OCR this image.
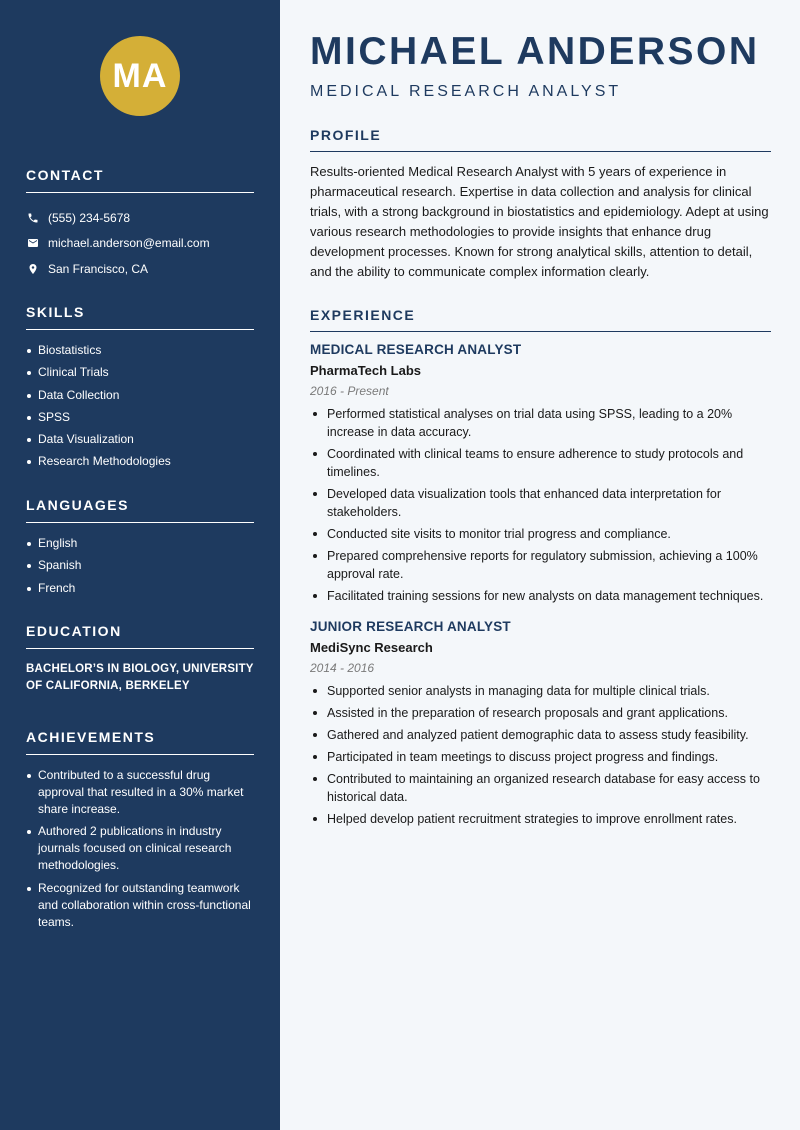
MA
CONTACT
(555) 234-5678
michael.anderson@email.com
San Francisco, CA
SKILLS
Biostatistics
Clinical Trials
Data Collection
SPSS
Data Visualization
Research Methodologies
LANGUAGES
English
Spanish
French
EDUCATION
BACHELOR’S IN BIOLOGY, UNIVERSITY OF CALIFORNIA, BERKELEY
ACHIEVEMENTS
Contributed to a successful drug approval that resulted in a 30% market share increase.
Authored 2 publications in industry journals focused on clinical research methodologies.
Recognized for outstanding teamwork and collaboration within cross-functional teams.
MICHAEL ANDERSON
MEDICAL RESEARCH ANALYST
PROFILE

Results-oriented Medical Research Analyst with 5 years of experience in pharmaceutical research. Expertise in data collection and analysis for clinical trials, with a strong background in biostatistics and epidemiology. Adept at using various research methodologies to provide insights that enhance drug development processes. Known for strong analytical skills, attention to detail, and the ability to communicate complex information clearly.

EXPERIENCE
MEDICAL RESEARCH ANALYST
PharmaTech Labs
2016 - Present
Performed statistical analyses on trial data using SPSS, leading to a 20% increase in data accuracy.
Coordinated with clinical teams to ensure adherence to study protocols and timelines.
Developed data visualization tools that enhanced data interpretation for stakeholders.
Conducted site visits to monitor trial progress and compliance.
Prepared comprehensive reports for regulatory submission, achieving a 100% approval rate.
Facilitated training sessions for new analysts on data management techniques.
JUNIOR RESEARCH ANALYST
MediSync Research
2014 - 2016
Supported senior analysts in managing data for multiple clinical trials.
Assisted in the preparation of research proposals and grant applications.
Gathered and analyzed patient demographic data to assess study feasibility.
Participated in team meetings to discuss project progress and findings.
Contributed to maintaining an organized research database for easy access to historical data.
Helped develop patient recruitment strategies to improve enrollment rates.
